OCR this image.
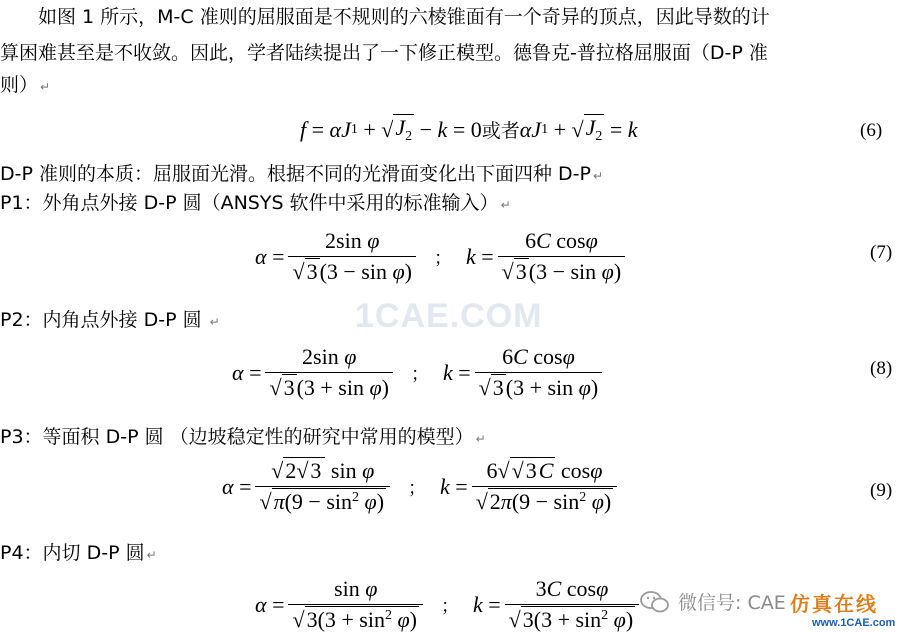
　　如图 1 所示，M-C 准则的屈服面是不规则的六棱锥面有一个奇异的顶点，因此导数的计
算困难甚至是不收敛。因此，学者陆续提出了一下修正模型。德鲁克-普拉格屈服面（D-P 准
则） ↵
f = αJ 1 + √ $J_2 - k = 0$ 或者 αJ 1 + √ $J_2 = k$	(6)
D-P 准则的本质：屈服面光滑。根据不同的光滑面变化出下面四种 D-P ↵
P1：外角点外接 D-P 圆（ANSYS 软件中采用的标准输入） ↵
$\alpha = \frac{\text{2sin φ}}{\text{√3(3 − sin φ)}}$ ； $k = \frac{\text{6C cosφ}}{\text{√3(3 − sin φ)}}$	(7)
P2：内角点外接 D-P 圆 ↵
$\alpha = \frac{\text{2sin φ}}{\text{√3(3 + sin φ)}}$ ； $k = \frac{\text{6C cosφ}}{\text{√3(3 + sin φ)}}$	(8)
P3：等面积 D-P 圆 （边坡稳定性的研究中常用的模型） ↵
$\alpha = \frac{\text{√2√3 sin φ}}{√\pi(9 - \sin^2 \varphi)}$ ； $k = \frac{\text{6√√3C cosφ}}{√2\pi(9 - \sin^2 \varphi)}$	(9)
P4：内切 D-P 圆 ↵
$\alpha = \frac{\text{sin φ}}{√3(3 + \sin^2 \varphi)}$ ； $k = \frac{\text{3C cosφ}}{√3(3 + \sin^2 \varphi)}$
1CAE.COM
微信号: CAE 仿真在线
www.1CAE.com
